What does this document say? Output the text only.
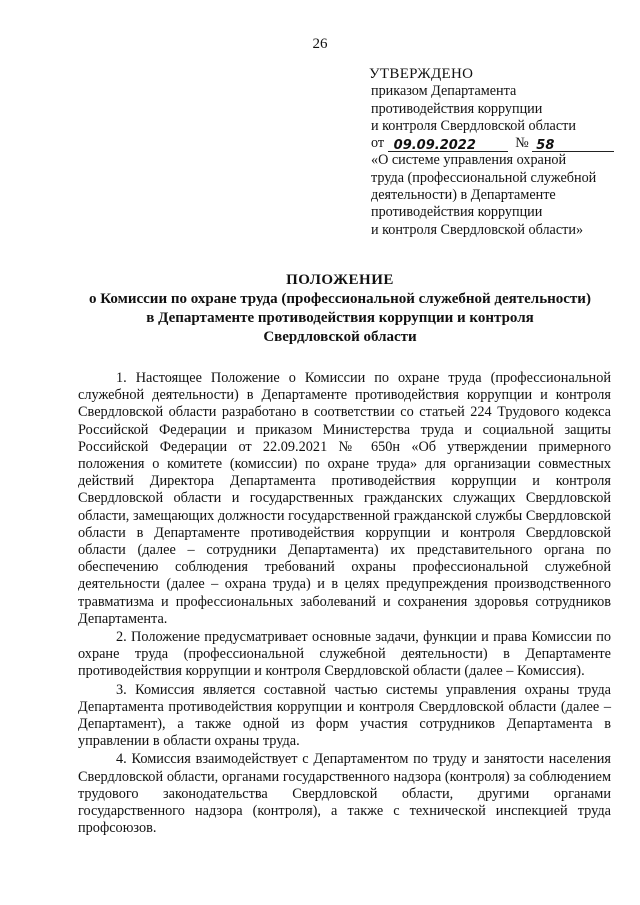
26
УТВЕРЖДЕНО
приказом Департамента
противодействия коррупции
и контроля Свердловской области
от 09.09.2022	№ 58
«О системе управления охраной
труда (профессиональной служебной
деятельности) в Департаменте
противодействия коррупции
и контроля Свердловской области»
ПОЛОЖЕНИЕ
о Комиссии по охране труда (профессиональной служебной деятельности)
в Департаменте противодействия коррупции и контроля
Свердловской области

1. Настоящее Положение о Комиссии по охране труда (профессиональной служебной деятельности) в Департаменте противодействия коррупции и контроля Свердловской области разработано в соответствии со статьей 224 Трудового кодекса Российской Федерации и приказом Министерства труда и социальной защиты Российской Федерации от 22.09.2021 № 650н «Об утверждении примерного положения о комитете (комиссии) по охране труда» для организации совместных действий Директора Департамента противодействия коррупции и контроля Свердловской области и государственных гражданских служащих Свердловской области, замещающих должности государственной гражданской службы Свердловской области в Департаменте противодействия коррупции и контроля Свердловской области (далее – сотрудники Департамента) их представительного органа по обеспечению соблюдения требований охраны профессиональной служебной деятельности (далее – охрана труда) и в целях предупреждения производственного травматизма и профессиональных заболеваний и сохранения здоровья сотрудников Департамента.

2. Положение предусматривает основные задачи, функции и права Комиссии по охране труда (профессиональной служебной деятельности) в Департаменте противодействия коррупции и контроля Свердловской области (далее – Комиссия).

3. Комиссия является составной частью системы управления охраны труда Департамента противодействия коррупции и контроля Свердловской области (далее – Департамент), а также одной из форм участия сотрудников Департамента в управлении в области охраны труда.

4. Комиссия взаимодействует с Департаментом по труду и занятости населения Свердловской области, органами государственного надзора (контроля) за соблюдением трудового законодательства Свердловской области, другими органами государственного надзора (контроля), а также с технической инспекцией труда профсоюзов.
